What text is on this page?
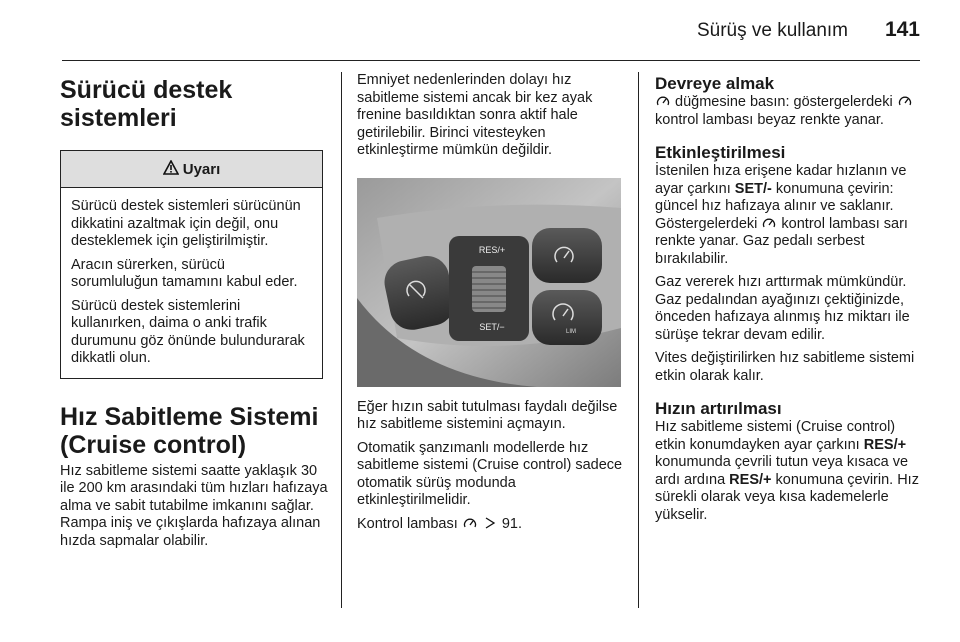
Sürüş ve kullanım 141
Sürücü destek
sistemleri
Uyarı

Sürücü destek sistemleri sürücünün dikkatini azaltmak için değil, onu desteklemek için geliştirilmiştir.

Aracın sürerken, sürücü sorumluluğun tamamını kabul eder.

Sürücü destek sistemlerini kullanırken, daima o anki trafik durumunu göz önünde bulundurarak dikkatli olun.

Hız Sabitleme Sistemi
(Cruise control)

Hız sabitleme sistemi saatte yaklaşık 30 ile 200 km arasındaki tüm hızları hafızaya alma ve sabit tutabilme imkanını sağlar. Rampa iniş ve çıkışlarda hafızaya alınan hızda sapmalar olabilir.

Emniyet nedenlerinden dolayı hız sabitleme sistemi ancak bir kez ayak frenine basıldıktan sonra aktif hale getirilebilir. Birinci vitesteyken etkinleştirme mümkün değildir.

RES/+
SET/−	LIM

Eğer hızın sabit tutulması faydalı değilse hız sabitleme sistemini açmayın.

Otomatik şanzımanlı modellerde hız sabitleme sistemi (Cruise control) sadece otomatik sürüş modunda etkinleştirilmelidir.

Kontrol lambası	91.

Devreye almak

düğmesine basın: göstergelerdeki  kontrol lambası beyaz renkte yanar.

Etkinleştirilmesi

İstenilen hıza erişene kadar hızlanın ve ayar çarkını SET/- konumuna çevirin: güncel hız hafızaya alınır ve saklanır. Göstergelerdeki kontrol lambası sarı renkte yanar. Gaz pedalı serbest bırakılabilir.

Gaz vererek hızı arttırmak mümkündür. Gaz pedalından ayağınızı çektiğinizde, önceden hafızaya alınmış hız miktarı ile sürüşe tekrar devam edilir.

Vites değiştirilirken hız sabitleme sistemi etkin olarak kalır.

Hızın artırılması

Hız sabitleme sistemi (Cruise control) etkin konumdayken ayar çarkını RES/+ konumunda çevrili tutun veya kısaca ve ardı ardına RES/+ konumuna çevirin. Hız sürekli olarak veya kısa kademelerle yükselir.
